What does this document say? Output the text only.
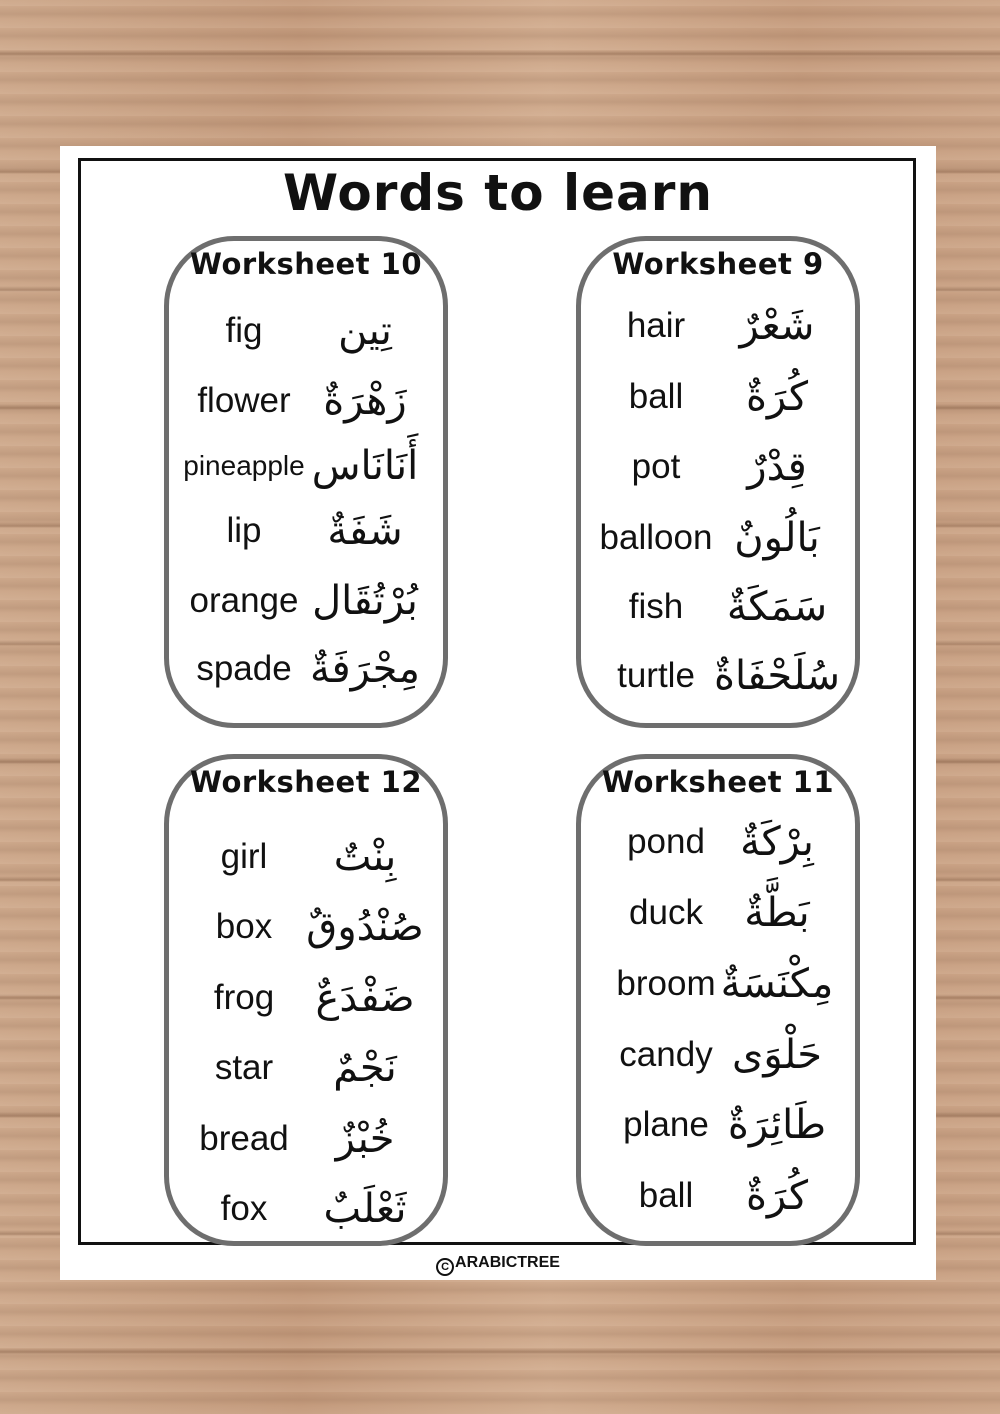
Words to learn
Worksheet 10
fig	تِين
flower زَهْرَةٌ
pineapple أَنَانَاس
lip	شَفَةٌ
orange بُرْتُقَال
spade مِجْرَفَةٌ
Worksheet 9
hair	شَعْرٌ
ball	كُرَةٌ
pot	قِدْرٌ
balloon بَالُونٌ
fish	سَمَكَةٌ
turtle سُلَحْفَاةٌ
Worksheet 12
girl	بِنْتٌ
box صُنْدُوقٌ
frog	ضَفْدَعٌ
star	نَجْمٌ
bread	خُبْزٌ
fox	ثَعْلَبٌ
Worksheet 11
pond بِرْكَةٌ
duck	بَطَّةٌ
broom مِكْنَسَةٌ
candy حَلْوَى
plane طَائِرَةٌ
ball	كُرَةٌ
C ARABICTREE
